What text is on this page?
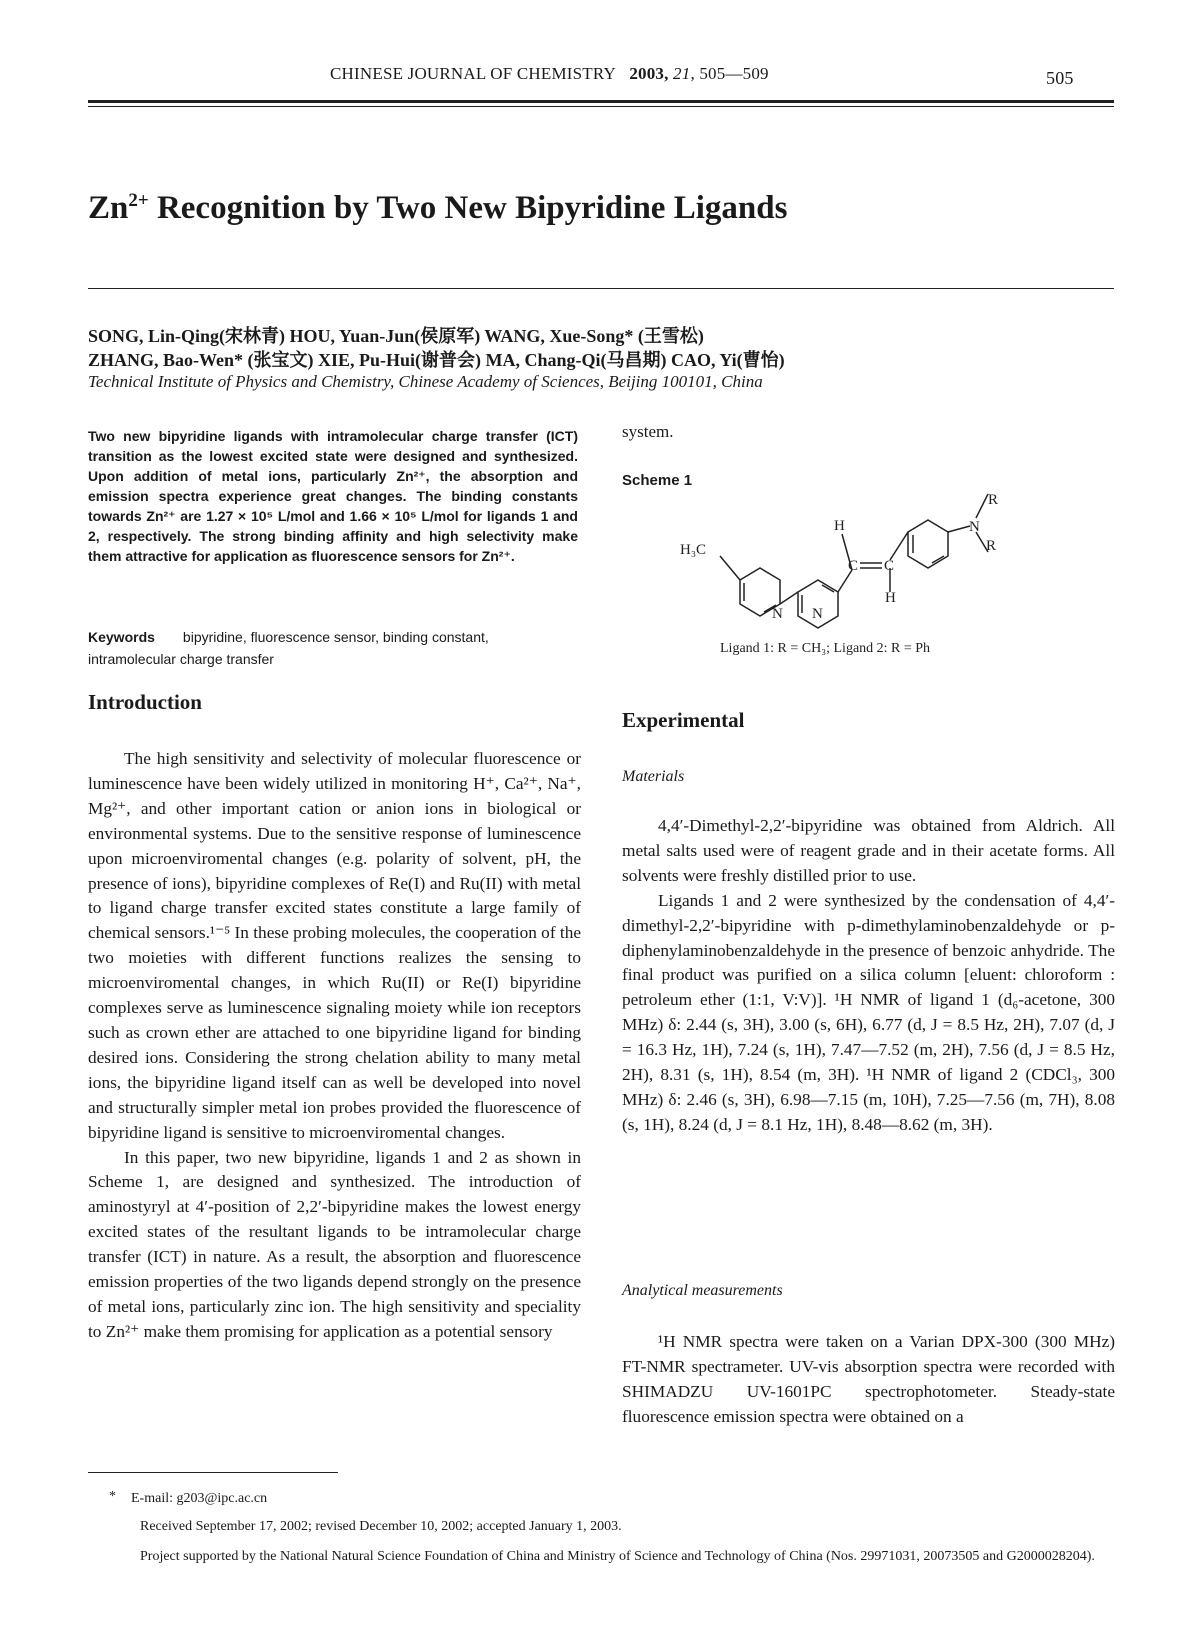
CHINESE JOURNAL OF CHEMISTRY 2003, 21, 505—509	505
$Zn^{2+}$ Recognition by Two New Bipyridine Ligands
SONG, Lin-Qing(宋林青) HOU, Yuan-Jun(侯原军) WANG, Xue-Song* (王雪松)
ZHANG, Bao-Wen* (张宝文) XIE, Pu-Hui(谢普会) MA, Chang-Qi(马昌期) CAO, Yi(曹怡)
Technical Institute of Physics and Chemistry, Chinese Academy of Sciences, Beijing 100101, China
Two new bipyridine ligands with intramolecular charge transfer (ICT) transition as the lowest excited state were designed and synthesized. Upon addition of metal ions, particularly Zn²⁺, the absorption and emission spectra experience great changes. The binding constants towards Zn²⁺ are 1.27 × 10⁵ L/mol and 1.66 × 10⁵ L/mol for ligands 1 and 2, respectively. The strong binding affinity and high selectivity make them attractive for application as fluorescence sensors for Zn²⁺.
Keywords bipyridine, fluorescence sensor, binding constant, intramolecular charge transfer
Introduction

The high sensitivity and selectivity of molecular fluorescence or luminescence have been widely utilized in monitoring H⁺, Ca²⁺, Na⁺, Mg²⁺, and other important cation or anion ions in biological or environmental systems. Due to the sensitive response of luminescence upon microenviromental changes (e.g. polarity of solvent, pH, the presence of ions), bipyridine complexes of Re(I) and Ru(II) with metal to ligand charge transfer excited states constitute a large family of chemical sensors.¹⁻⁵ In these probing molecules, the cooperation of the two moieties with different functions realizes the sensing to microenviromental changes, in which Ru(II) or Re(I) bipyridine complexes serve as luminescence signaling moiety while ion receptors such as crown ether are attached to one bipyridine ligand for binding desired ions. Considering the strong chelation ability to many metal ions, the bipyridine ligand itself can as well be developed into novel and structurally simpler metal ion probes provided the fluorescence of bipyridine ligand is sensitive to microenviromental changes.

In this paper, two new bipyridine, ligands 1 and 2 as shown in Scheme 1, are designed and synthesized. The introduction of aminostyryl at 4′-position of 2,2′-bipyridine makes the lowest energy excited states of the resultant ligands to be intramolecular charge transfer (ICT) in nature. As a result, the absorption and fluorescence emission properties of the two ligands depend strongly on the presence of metal ions, particularly zinc ion. The high sensitivity and speciality to Zn²⁺ make them promising for application as a potential sensory

system.
Scheme 1
H₃C
N N
H
C C
H
N
R
R
Ligand 1: R = CH₃; Ligand 2: R = Ph
Experimental
Materials

4,4′-Dimethyl-2,2′-bipyridine was obtained from Aldrich. All metal salts used were of reagent grade and in their acetate forms. All solvents were freshly distilled prior to use.

Ligands 1 and 2 were synthesized by the condensation of 4,4′-dimethyl-2,2′-bipyridine with p-dimethylaminobenzaldehyde or p-diphenylaminobenzaldehyde in the presence of benzoic anhydride. The final product was purified on a silica column [eluent: chloroform : petroleum ether (1:1, V:V)]. ¹H NMR of ligand 1 (d₆-acetone, 300 MHz) δ: 2.44 (s, 3H), 3.00 (s, 6H), 6.77 (d, J = 8.5 Hz, 2H), 7.07 (d, J = 16.3 Hz, 1H), 7.24 (s, 1H), 7.47—7.52 (m, 2H), 7.56 (d, J = 8.5 Hz, 2H), 8.31 (s, 1H), 8.54 (m, 3H). ¹H NMR of ligand 2 (CDCl₃, 300 MHz) δ: 2.46 (s, 3H), 6.98—7.15 (m, 10H), 7.25—7.56 (m, 7H), 8.08 (s, 1H), 8.24 (d, J = 8.1 Hz, 1H), 8.48—8.62 (m, 3H).

Analytical measurements

¹H NMR spectra were taken on a Varian DPX-300 (300 MHz) FT-NMR spectrameter. UV-vis absorption spectra were recorded with SHIMADZU UV-1601PC spectrophotometer. Steady-state fluorescence emission spectra were obtained on a

* E-mail: g203@ipc.ac.cn
Received September 17, 2002; revised December 10, 2002; accepted January 1, 2003.
Project supported by the National Natural Science Foundation of China and Ministry of Science and Technology of China (Nos. 29971031, 20073505 and G2000028204).
